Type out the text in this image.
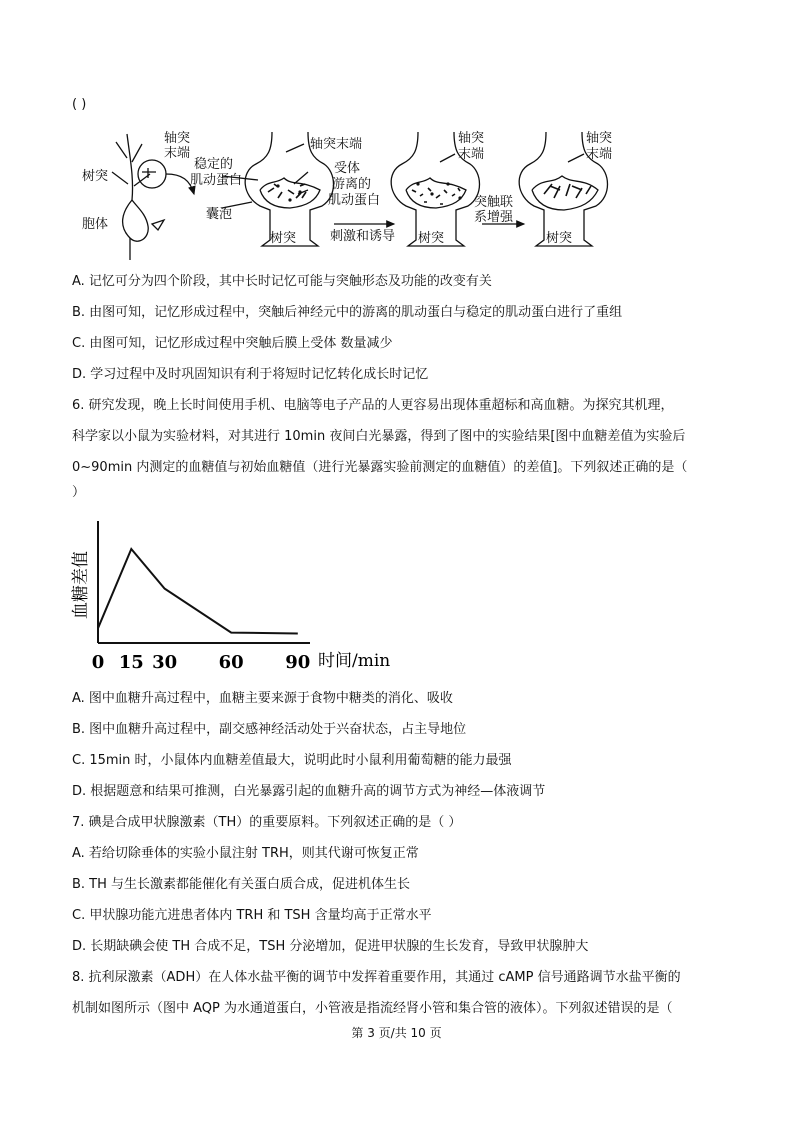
( )
轴突
末端
树突
稳定的
肌动蛋白
胞体
轴突末端
受体
游离的
肌动蛋白
囊泡
树突	刺激和诱导
轴突
末端
突触联
系增强
树突
轴突
末端
树突
A. 记忆可分为四个阶段，其中长时记忆可能与突触形态及功能的改变有关
B. 由图可知，记忆形成过程中，突触后神经元中的游离的肌动蛋白与稳定的肌动蛋白进行了重组
C. 由图可知，记忆形成过程中突触后膜上受体 数量减少
D. 学习过程中及时巩固知识有利于将短时记忆转化成长时记忆
6. 研究发现，晚上长时间使用手机、电脑等电子产品的人更容易出现体重超标和高血糖。为探究其机理，
科学家以小鼠为实验材料，对其进行 10min 夜间白光暴露，得到了图中的实验结果[图中血糖差值为实验后
0~90min 内测定的血糖值与初始血糖值（进行光暴露实验前测定的血糖值）的差值]。下列叙述正确的是（
）
血糖差值
时间/min
0 15 30 60 90
A. 图中血糖升高过程中，血糖主要来源于食物中糖类的消化、吸收
B. 图中血糖升高过程中，副交感神经活动处于兴奋状态，占主导地位
C. 15min 时，小鼠体内血糖差值最大，说明此时小鼠利用葡萄糖的能力最强
D. 根据题意和结果可推测，白光暴露引起的血糖升高的调节方式为神经—体液调节
7. 碘是合成甲状腺激素（TH）的重要原料。下列叙述正确的是（ ）
A. 若给切除垂体的实验小鼠注射 TRH，则其代谢可恢复正常
B. TH 与生长激素都能催化有关蛋白质合成，促进机体生长
C. 甲状腺功能亢进患者体内 TRH 和 TSH 含量均高于正常水平
D. 长期缺碘会使 TH 合成不足，TSH 分泌增加，促进甲状腺的生长发育，导致甲状腺肿大
8. 抗利尿激素（ADH）在人体水盐平衡的调节中发挥着重要作用，其通过 cAMP 信号通路调节水盐平衡的
机制如图所示（图中 AQP 为水通道蛋白，小管液是指流经肾小管和集合管的液体）。下列叙述错误的是（
第 3 页/共 10 页
